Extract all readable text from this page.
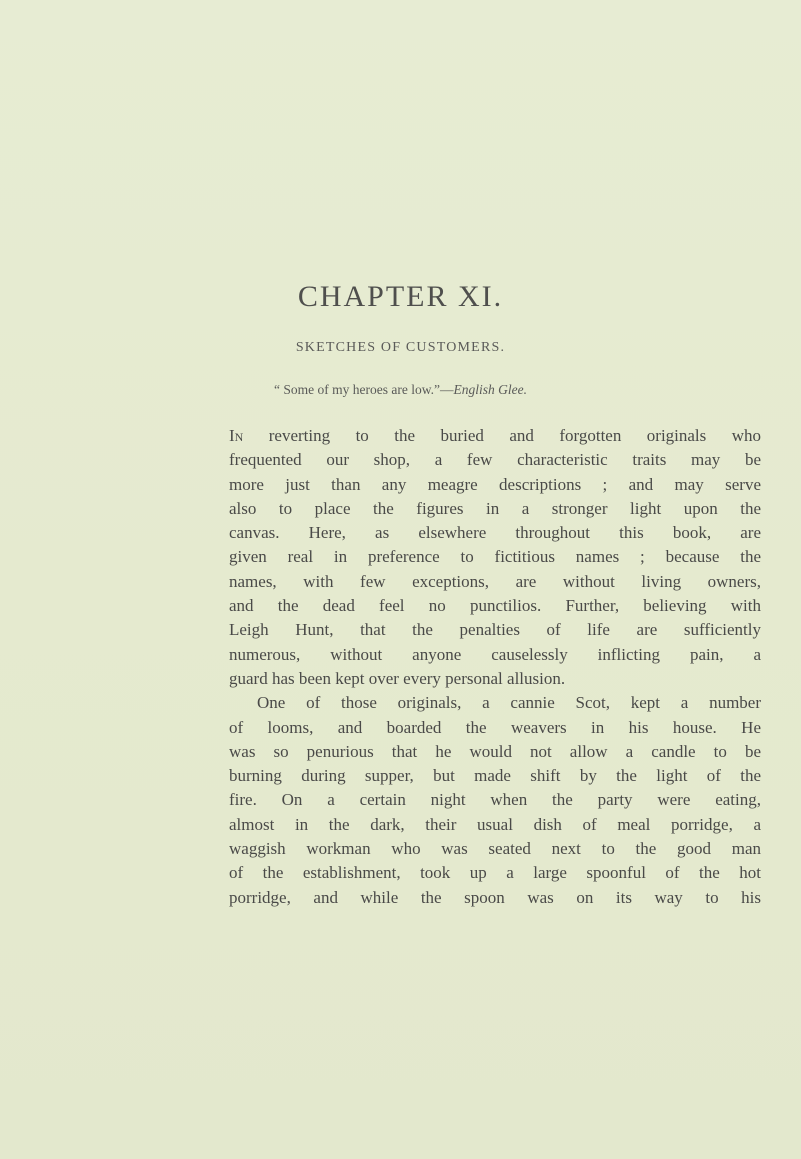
CHAPTER XI.

SKETCHES OF CUSTOMERS.

“ Some of my heroes are low.”—English Glee.

In reverting to the buried and forgotten originals who
frequented our shop, a few characteristic traits may be
more just than any meagre descriptions ; and may serve
also to place the figures in a stronger light upon the
canvas. Here, as elsewhere throughout this book, are
given real in preference to fictitious names ; because the
names, with few exceptions, are without living owners,
and the dead feel no punctilios. Further, believing with
Leigh Hunt, that the penalties of life are sufficiently
numerous, without anyone causelessly inflicting pain, a
guard has been kept over every personal allusion.
One of those originals, a cannie Scot, kept a number
of looms, and boarded the weavers in his house. He
was so penurious that he would not allow a candle to be
burning during supper, but made shift by the light of the
fire. On a certain night when the party were eating,
almost in the dark, their usual dish of meal porridge, a
waggish workman who was seated next to the good man
of the establishment, took up a large spoonful of the hot
porridge, and while the spoon was on its way to his
